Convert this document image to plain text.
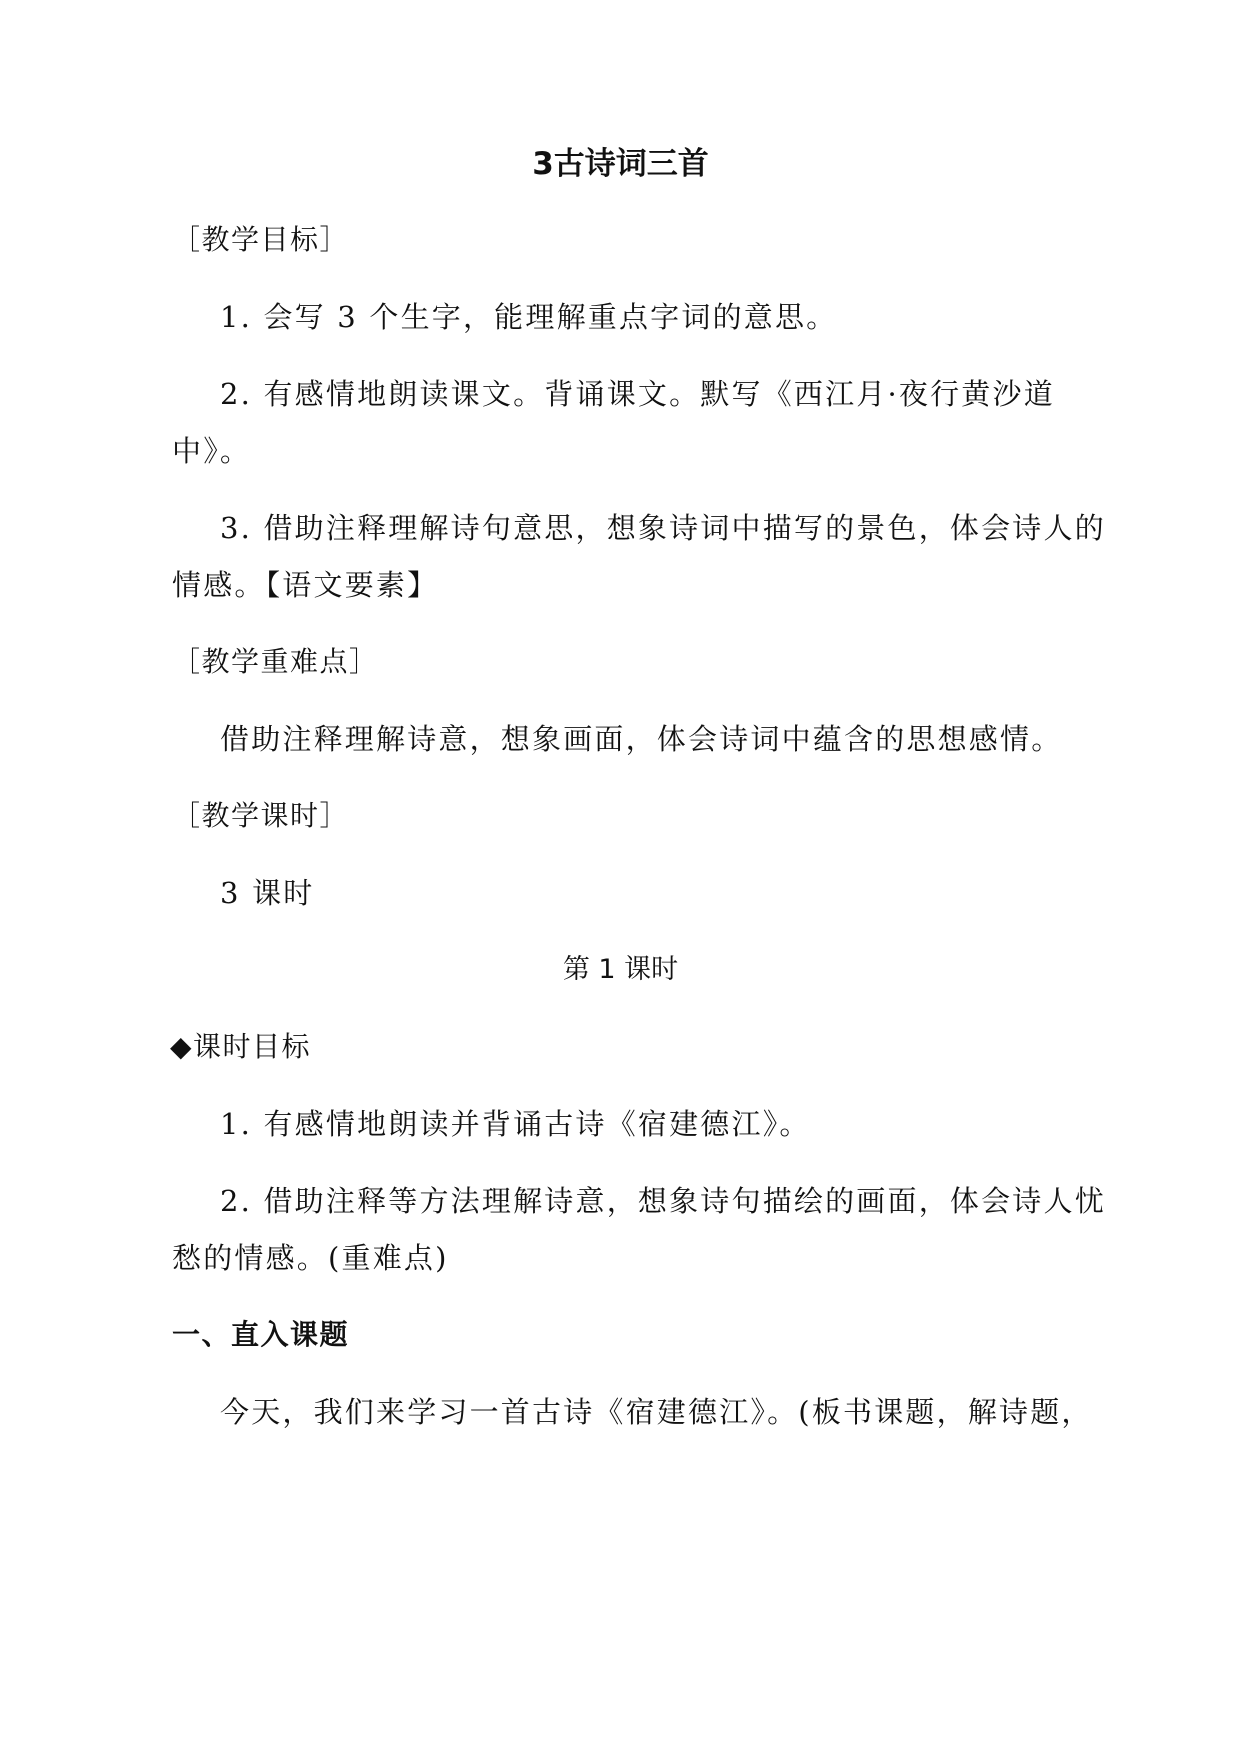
3古诗词三首
［教学目标］
1. 会写 3 个生字，能理解重点字词的意思。
2. 有感情地朗读课文。背诵课文。默写《西江月·夜行黄沙道
中》。
3. 借助注释理解诗句意思，想象诗词中描写的景色，体会诗人的
情感。【语文要素】
［教学重难点］
借助注释理解诗意，想象画面，体会诗词中蕴含的思想感情。
［教学课时］
3 课时
第 1 课时
◆课时目标
1. 有感情地朗读并背诵古诗《宿建德江》。
2. 借助注释等方法理解诗意，想象诗句描绘的画面，体会诗人忧
愁的情感。(重难点)
一、直入课题
今天，我们来学习一首古诗《宿建德江》。(板书课题，解诗题，
